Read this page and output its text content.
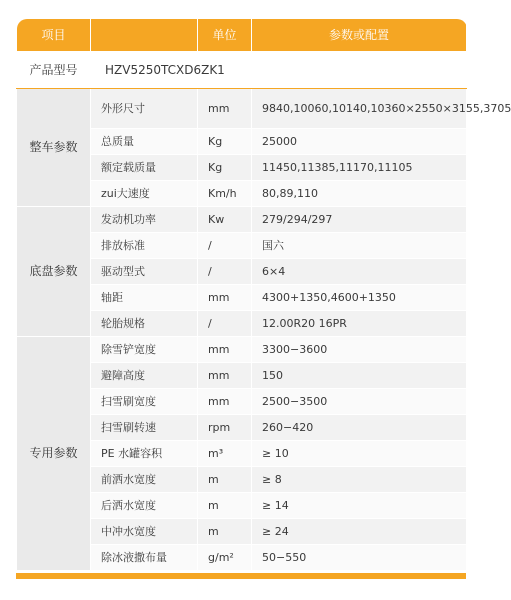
项目		单位	参数或配置
产品型号	HZV5250TCXD6ZK1		
整车参数	外形尺寸	mm	9840,10060,10140,10360×2550×3155,3705
	总质量	Kg	25000
	额定载质量	Kg	11450,11385,11170,11105
	zui大速度	Km/h	80,89,110
底盘参数	发动机功率	Kw	279/294/297
	排放标准	/	国六
	驱动型式	/	6×4
	轴距	mm	4300+1350,4600+1350
	轮胎规格	/	12.00R20 16PR
专用参数	除雪铲宽度	mm	3300−3600
	避障高度	mm	150
	扫雪刷宽度	mm	2500−3500
	扫雪刷转速	rpm	260−420
	PE 水罐容积	m³	≥ 10
	前洒水宽度	m	≥ 8
	后洒水宽度	m	≥ 14
	中冲水宽度	m	≥ 24
	除冰液撒布量	g/m²	50−550
